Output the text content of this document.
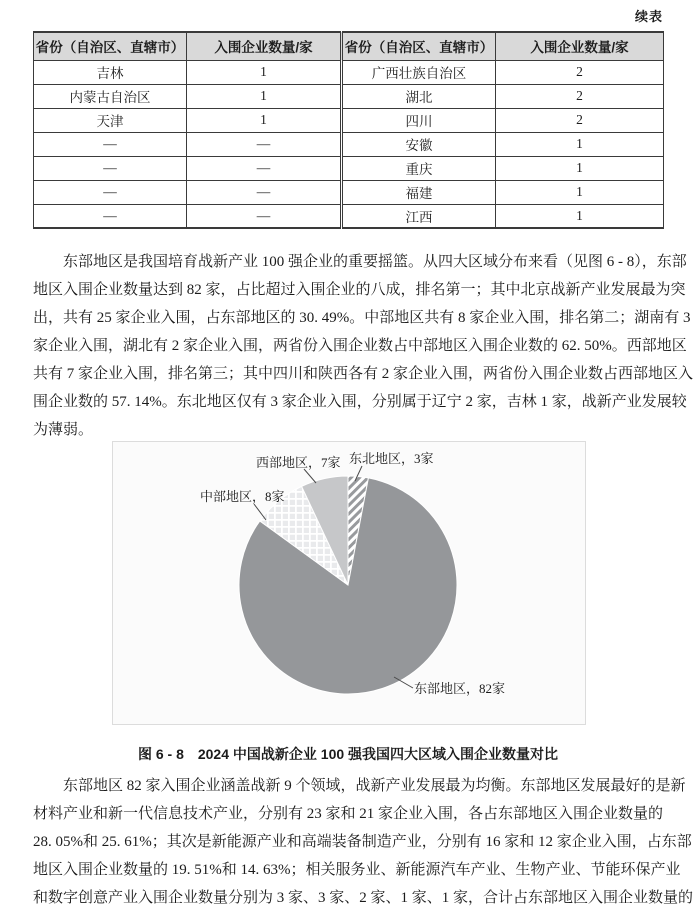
续表
省份（自治区、直辖市）	入围企业数量/家	省份（自治区、直辖市）	入围企业数量/家
吉林	1	广西壮族自治区	2
内蒙古自治区	1	湖北	2
天津	1	四川	2
—	—	安徽	1
—	—	重庆	1
—	—	福建	1
—	—	江西	1
东部地区是我国培育战新产业 100 强企业的重要摇篮。从四大区域分布来看（见图 6 - 8），东部
地区入围企业数量达到 82 家，占比超过入围企业的八成，排名第一；其中北京战新产业发展最为突
出，共有 25 家企业入围，占东部地区的 30. 49%。中部地区共有 8 家企业入围，排名第二；湖南有 3
家企业入围，湖北有 2 家企业入围，两省份入围企业数占中部地区入围企业数的 62. 50%。西部地区
共有 7 家企业入围，排名第三；其中四川和陕西各有 2 家企业入围，两省份入围企业数占西部地区入
围企业数的 57. 14%。东北地区仅有 3 家企业入围，分别属于辽宁 2 家，吉林 1 家，战新产业发展较
为薄弱。
东北地区，3家
东部地区，82家
中部地区，8家
西部地区，7家
图 6 - 8　2024 中国战新企业 100 强我国四大区域入围企业数量对比
东部地区 82 家入围企业涵盖战新 9 个领域，战新产业发展最为均衡。东部地区发展最好的是新
材料产业和新一代信息技术产业，分别有 23 家和 21 家企业入围，各占东部地区入围企业数量的
28. 05%和 25. 61%；其次是新能源产业和高端装备制造产业，分别有 16 家和 12 家企业入围，占东部
地区入围企业数量的 19. 51%和 14. 63%；相关服务业、新能源汽车产业、生物产业、节能环保产业
和数字创意产业入围企业数量分别为 3 家、3 家、2 家、1 家、1 家，合计占东部地区入围企业数量的
